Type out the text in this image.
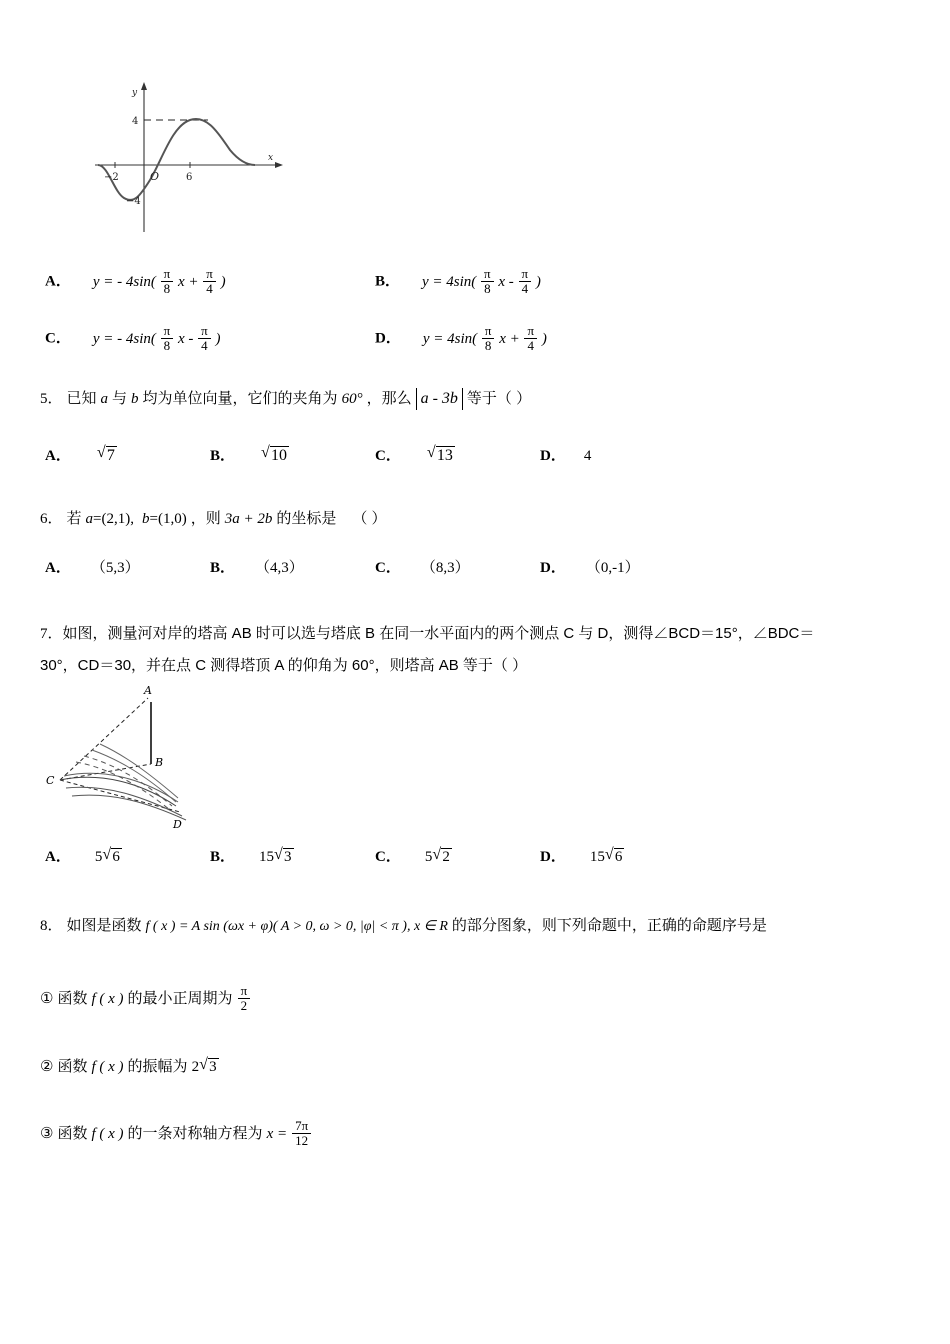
−2	6
4
−4
O
x
y
A． y = - $4\sin( \frac{\pi}{8}$ $x + \frac{\pi}{4}$ )	B． $y = 4\sin( \frac{\pi}{8}$ x - $\frac{\pi}{4}$ )
C． y = - $4\sin( \frac{\pi}{8}$ x - $\frac{\pi}{4}$ )	D． $y = 4\sin( \frac{\pi}{8}$ $x + \frac{\pi}{4}$ )
5． 已知 a 与 b 均为单位向量，它们的夹角为 60° ，那么 a - 3b 等于（ ）
A． √ 7	B． √ 10	C． √ 13	D． 4
6． 若 a=(2,1), b=(1,0) ，则 3a + 2b 的坐标是 （ ）
A． （5,3）	B． （4,3）	C． （8,3）	D． （0,-1）
7．如图，测量河对岸的塔高 AB 时可以选与塔底 B 在同一水平面内的两个测点 C 与 D，测得∠BCD＝15°，∠BDC＝
30°，CD＝30，并在点 C 测得塔顶 A 的仰角为 60°，则塔高 AB 等于（ ）
A
B
C
D
A． 5 √ 6	B． 15 √ 3	C． 5 √ 2	D． 15 √ 6
8． 如图是函数 f ( x ) = A sin (ωx + φ)( A > 0, ω > 0, |φ| < π ), x ∈ R 的部分图象，则下列命题中，正确的命题序号是
① 函数 f ( x ) 的最小正周期为 $\frac{\pi}{2}$
② 函数 f ( x ) 的振幅为 2 √ 3
③ 函数 f ( x ) 的一条对称轴方程为 $x = \frac{7\pi}{12}$
